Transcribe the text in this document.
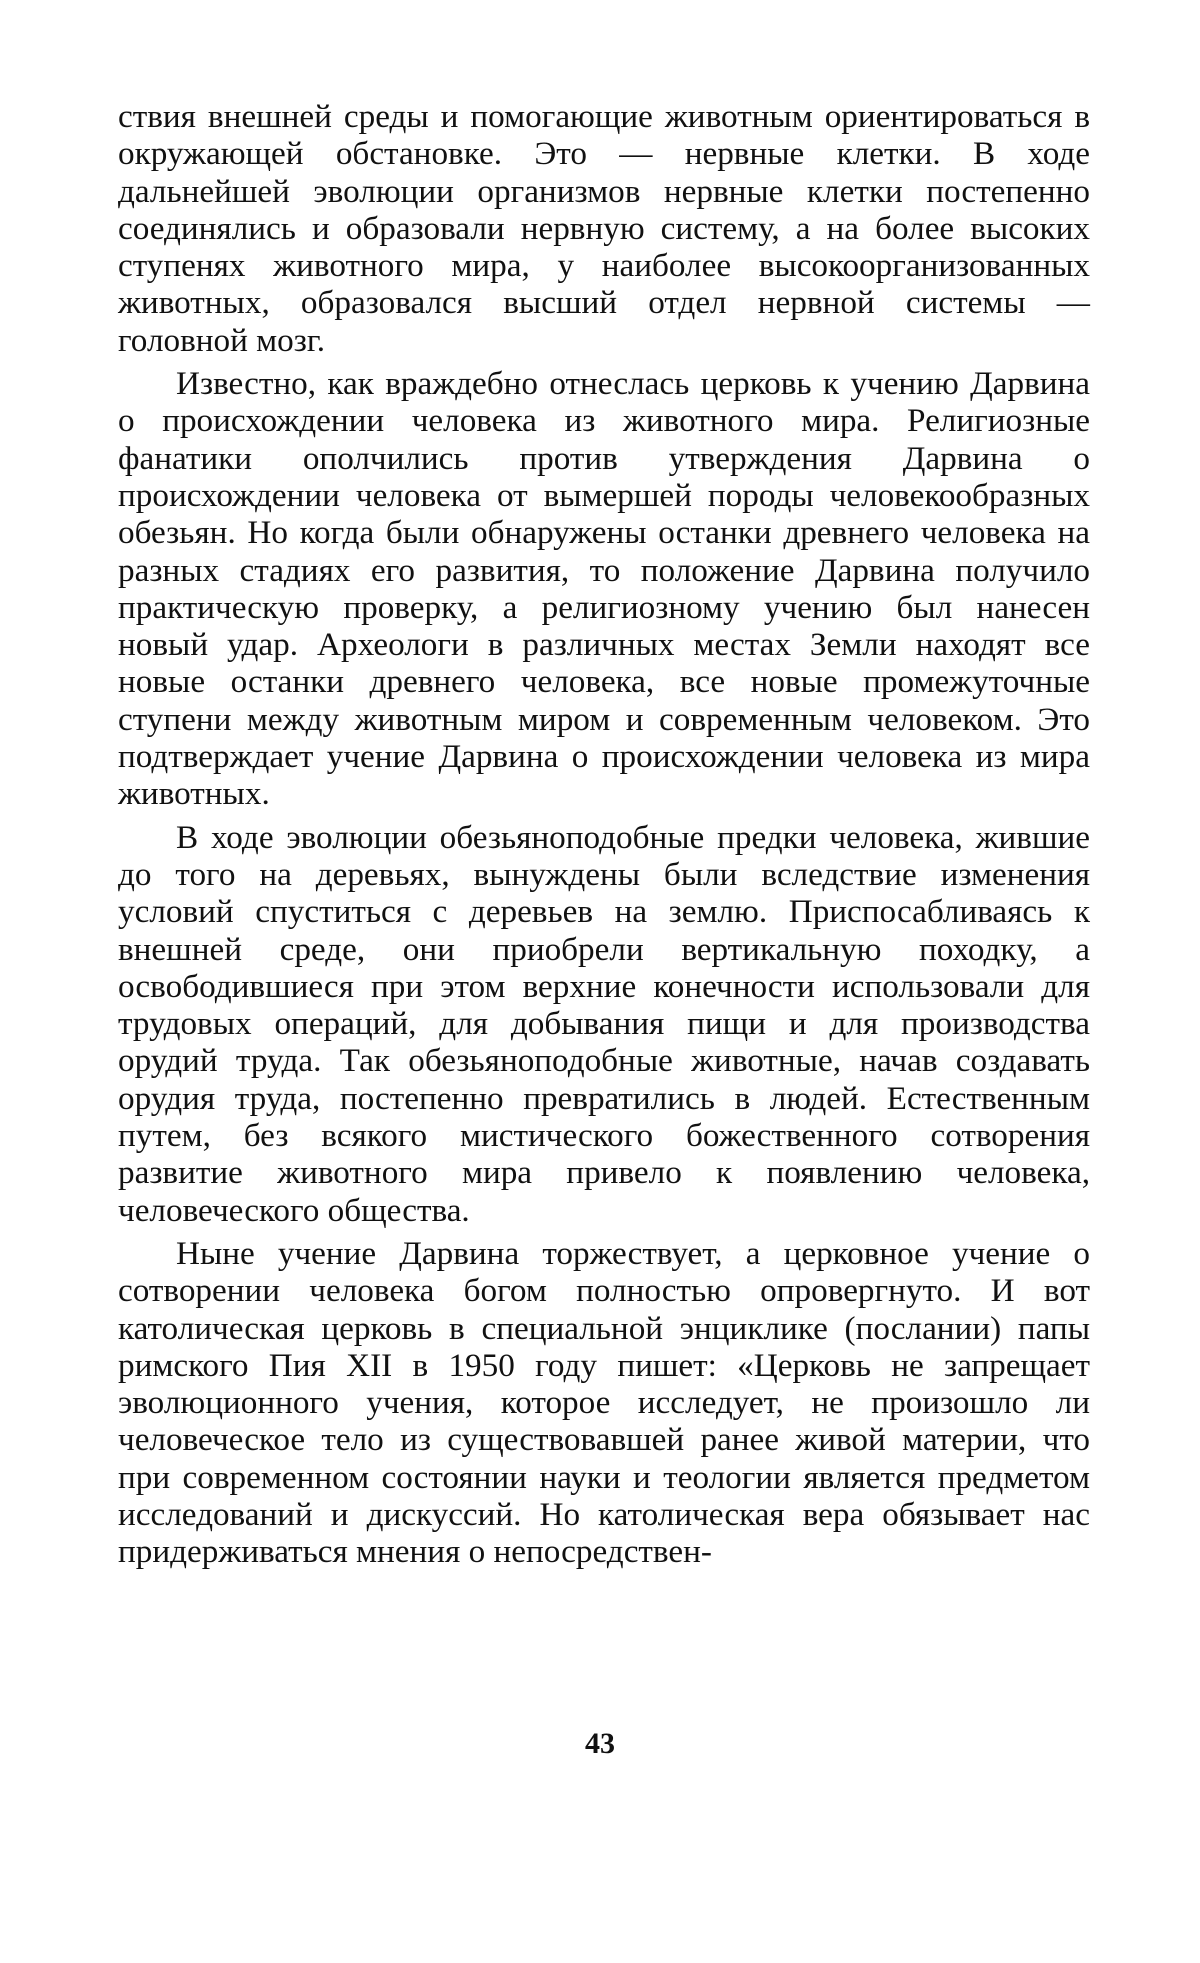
ствия внешней среды и помогающие животным ориентироваться в окружающей обстановке. Это — нервные клетки. В ходе дальнейшей эволюции организмов нервные клетки постепенно соединялись и образовали нервную систему, а на более высоких ступенях животного мира, у наиболее высокоорганизованных животных, образовался высший отдел нервной системы — головной мозг.

Известно, как враждебно отнеслась церковь к учению Дарвина о происхождении человека из животного мира. Религиозные фанатики ополчились против утверждения Дарвина о происхождении человека от вымершей породы человекообразных обезьян. Но когда были обнаружены останки древнего человека на разных стадиях его развития, то положение Дарвина получило практическую проверку, а религиозному учению был нанесен новый удар. Археологи в различных местах Земли находят все новые останки древнего человека, все новые промежуточные ступени между животным миром и современным человеком. Это подтверждает учение Дарвина о происхождении человека из мира животных.

В ходе эволюции обезьяноподобные предки человека, жившие до того на деревьях, вынуждены были вследствие изменения условий спуститься с деревьев на землю. Приспосабливаясь к внешней среде, они приобрели вертикальную походку, а освободившиеся при этом верхние конечности использовали для трудовых операций, для добывания пищи и для производства орудий труда. Так обезьяноподобные животные, начав создавать орудия труда, постепенно превратились в людей. Естественным путем, без всякого мистического божественного сотворения развитие животного мира привело к появлению человека, человеческого общества.

Ныне учение Дарвина торжествует, а церковное учение о сотворении человека богом полностью опровергнуто. И вот католическая церковь в специальной энциклике (послании) папы римского Пия XII в 1950 году пишет: «Церковь не запрещает эволюционного учения, которое исследует, не произошло ли человеческое тело из существовавшей ранее живой материи, что при современном состоянии науки и теологии является предметом исследований и дискуссий. Но католическая вера обязывает нас придерживаться мнения о непосредствен-

43
